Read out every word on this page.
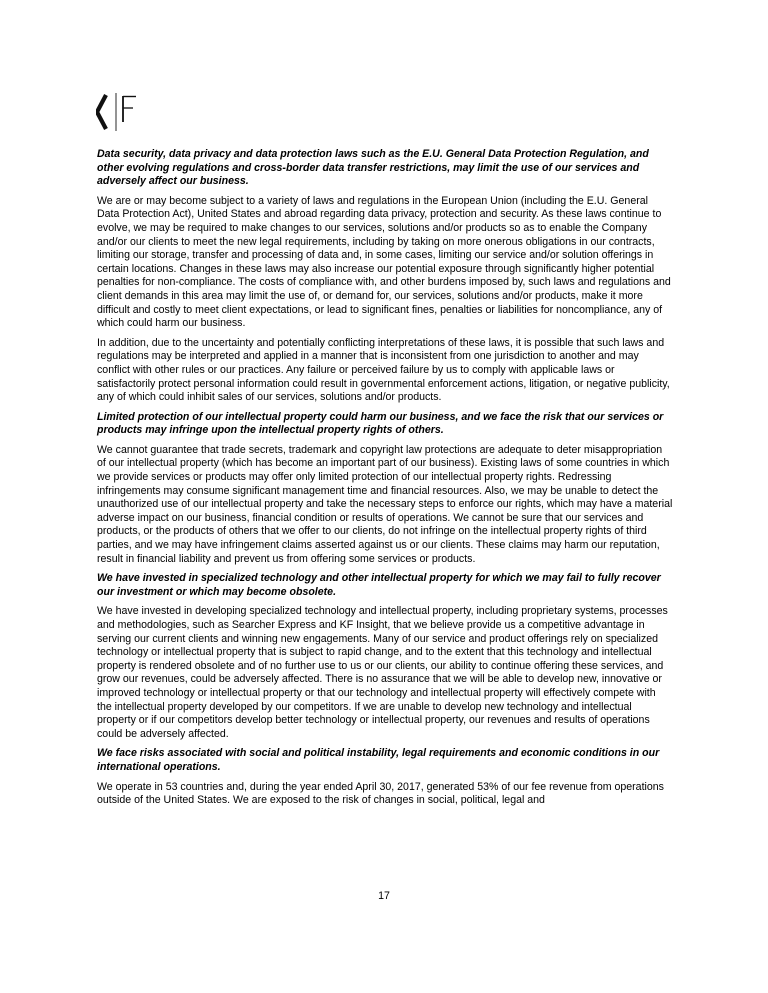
Data security, data privacy and data protection laws such as the E.U. General Data Protection Regulation, and other evolving regulations and cross-border data transfer restrictions, may limit the use of our services and adversely affect our business.

We are or may become subject to a variety of laws and regulations in the European Union (including the E.U. General Data Protection Act), United States and abroad regarding data privacy, protection and security. As these laws continue to evolve, we may be required to make changes to our services, solutions and/or products so as to enable the Company and/or our clients to meet the new legal requirements, including by taking on more onerous obligations in our contracts, limiting our storage, transfer and processing of data and, in some cases, limiting our service and/or solution offerings in certain locations. Changes in these laws may also increase our potential exposure through significantly higher potential penalties for non-compliance. The costs of compliance with, and other burdens imposed by, such laws and regulations and client demands in this area may limit the use of, or demand for, our services, solutions and/or products, make it more difficult and costly to meet client expectations, or lead to significant fines, penalties or liabilities for noncompliance, any of which could harm our business.

In addition, due to the uncertainty and potentially conflicting interpretations of these laws, it is possible that such laws and regulations may be interpreted and applied in a manner that is inconsistent from one jurisdiction to another and may conflict with other rules or our practices. Any failure or perceived failure by us to comply with applicable laws or satisfactorily protect personal information could result in governmental enforcement actions, litigation, or negative publicity, any of which could inhibit sales of our services, solutions and/or products.

Limited protection of our intellectual property could harm our business, and we face the risk that our services or products may infringe upon the intellectual property rights of others.

We cannot guarantee that trade secrets, trademark and copyright law protections are adequate to deter misappropriation of our intellectual property (which has become an important part of our business). Existing laws of some countries in which we provide services or products may offer only limited protection of our intellectual property rights. Redressing infringements may consume significant management time and financial resources. Also, we may be unable to detect the unauthorized use of our intellectual property and take the necessary steps to enforce our rights, which may have a material adverse impact on our business, financial condition or results of operations. We cannot be sure that our services and products, or the products of others that we offer to our clients, do not infringe on the intellectual property rights of third parties, and we may have infringement claims asserted against us or our clients. These claims may harm our reputation, result in financial liability and prevent us from offering some services or products.

We have invested in specialized technology and other intellectual property for which we may fail to fully recover our investment or which may become obsolete.

We have invested in developing specialized technology and intellectual property, including proprietary systems, processes and methodologies, such as Searcher Express and KF Insight, that we believe provide us a competitive advantage in serving our current clients and winning new engagements. Many of our service and product offerings rely on specialized technology or intellectual property that is subject to rapid change, and to the extent that this technology and intellectual property is rendered obsolete and of no further use to us or our clients, our ability to continue offering these services, and grow our revenues, could be adversely affected. There is no assurance that we will be able to develop new, innovative or improved technology or intellectual property or that our technology and intellectual property will effectively compete with the intellectual property developed by our competitors. If we are unable to develop new technology and intellectual property or if our competitors develop better technology or intellectual property, our revenues and results of operations could be adversely affected.

We face risks associated with social and political instability, legal requirements and economic conditions in our international operations.

We operate in 53 countries and, during the year ended April 30, 2017, generated 53% of our fee revenue from operations outside of the United States. We are exposed to the risk of changes in social, political, legal and

17
